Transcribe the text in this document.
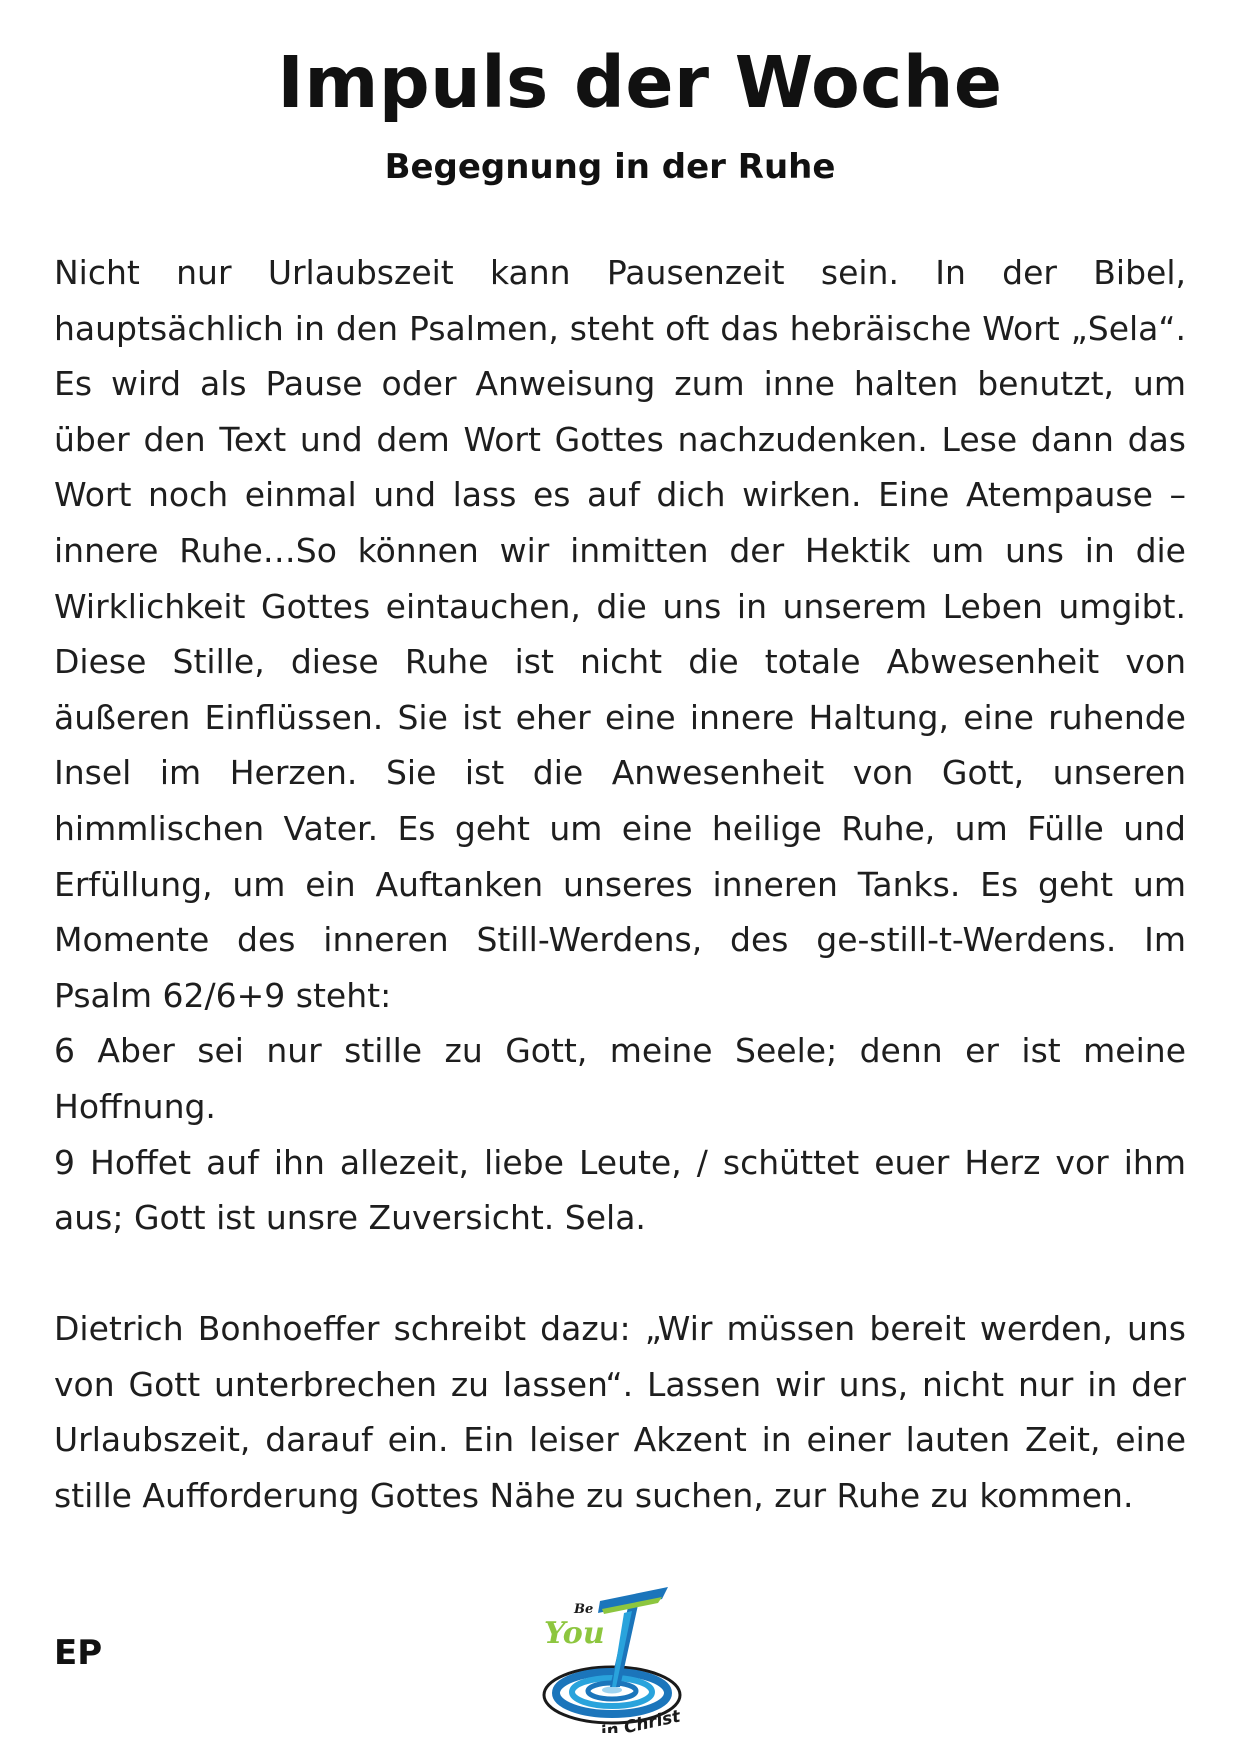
Impuls der Woche
Begegnung in der Ruhe

Nicht nur Urlaubszeit kann Pausenzeit sein. In der Bibel, hauptsächlich in den Psalmen, steht oft das hebräische Wort „Sela“. Es wird als Pause oder Anweisung zum inne halten benutzt, um über den Text und dem Wort Gottes nachzudenken. Lese dann das Wort noch einmal und lass es auf dich wirken. Eine Atempause – innere Ruhe…So können wir inmitten der Hektik um uns in die Wirklichkeit Gottes eintauchen, die uns in unserem Leben umgibt. Diese Stille, diese Ruhe ist nicht die totale Abwesenheit von äußeren Einflüssen. Sie ist eher eine innere Haltung, eine ruhende Insel im Herzen. Sie ist die Anwesenheit von Gott, unseren himmlischen Vater. Es geht um eine heilige Ruhe, um Fülle und Erfüllung, um ein Auftanken unseres inneren Tanks. Es geht um Momente des inneren Still-Werdens, des ge-still-t-Werdens. Im Psalm 62/6+9 steht:

6 Aber sei nur stille zu Gott, meine Seele; denn er ist meine Hoffnung.

9 Hoffet auf ihn allezeit, liebe Leute, / schüttet euer Herz vor ihm aus; Gott ist unsre Zuversicht. Sela.

Dietrich Bonhoeffer schreibt dazu: „Wir müssen bereit werden, uns von Gott unterbrechen zu lassen“. Lassen wir uns, nicht nur in der Urlaubszeit, darauf ein. Ein leiser Akzent in einer lauten Zeit, eine stille Aufforderung Gottes Nähe zu suchen, zur Ruhe zu kommen.

EP
Be
You
in Christ
